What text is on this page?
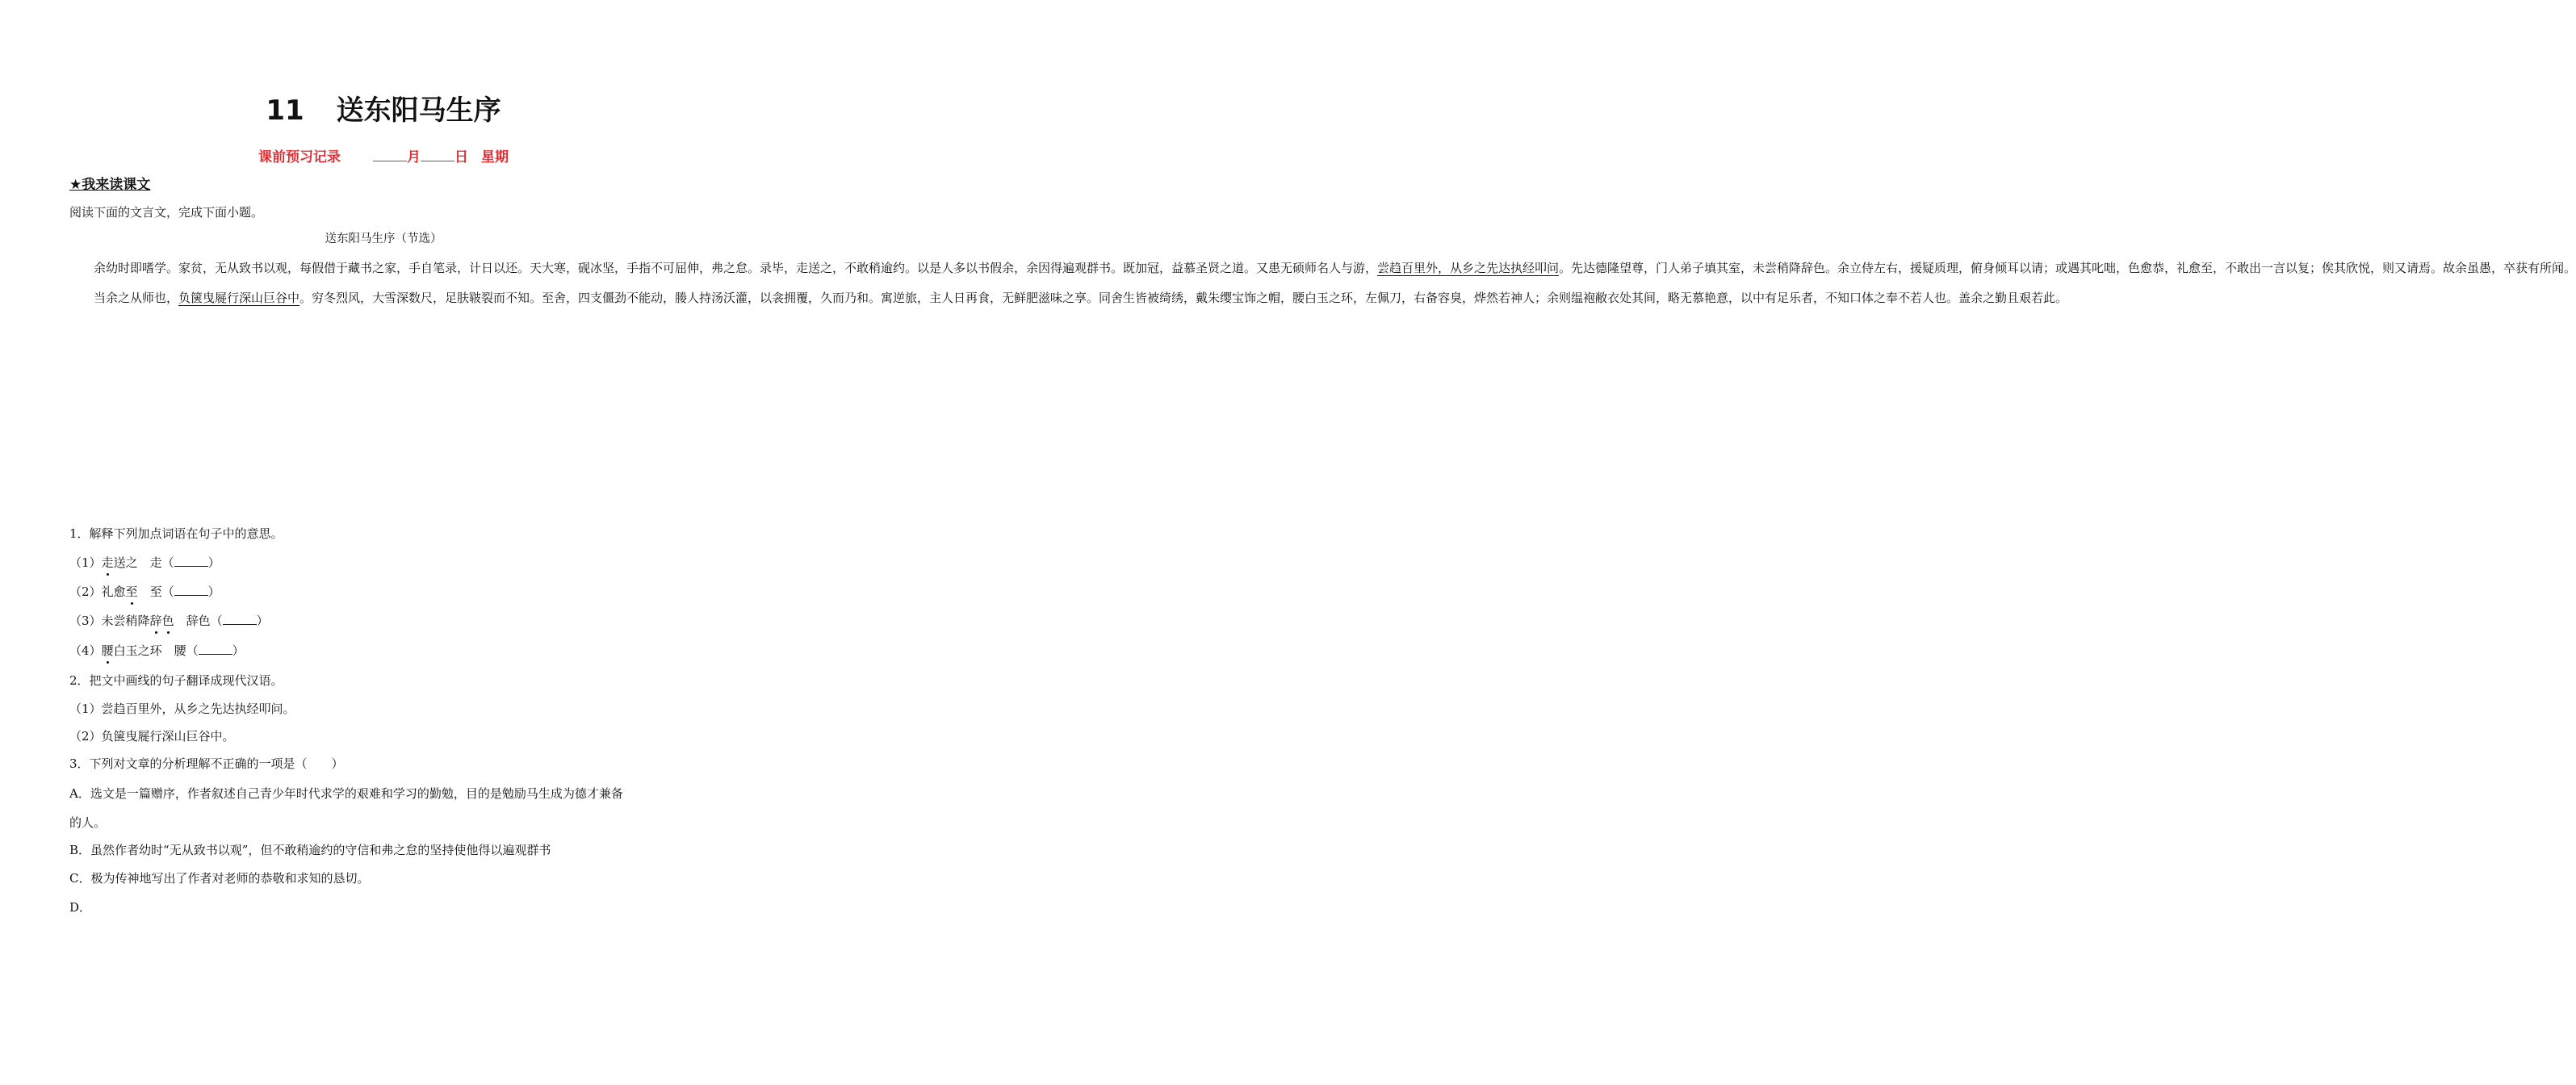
11 送东阳马生序
课前预习记录	月 日 星期
★我来读课文
阅读下面的文言文，完成下面小题。
送东阳马生序（节选）

余幼时即嗜学。家贫，无从致书以观，每假借于藏书之家，手自笔录，计日以还。天大寒，砚冰坚，手指不可屈伸，弗之怠。录毕，走送之，不敢稍逾约。以是人多以书假余，余因得遍观群书。既加冠，益慕圣贤之道。又患无硕师名人与游，尝趋百里外，从乡之先达执经叩问。先达德隆望尊，门人弟子填其室，未尝稍降辞色。余立侍左右，援疑质理，俯身倾耳以请；或遇其叱咄，色愈恭，礼愈至，不敢出一言以复；俟其欣悦，则又请焉。故余虽愚，卒获有所闻。

当余之从师也，负箧曳屣行深山巨谷中。穷冬烈风，大雪深数尺，足肤皲裂而不知。至舍，四支僵劲不能动，媵人持汤沃灌，以衾拥覆，久而乃和。寓逆旅，主人日再食，无鲜肥滋味之享。同舍生皆被绮绣，戴朱缨宝饰之帽，腰白玉之环，左佩刀，右备容臭，烨然若神人；余则缊袍敝衣处其间，略无慕艳意，以中有足乐者，不知口体之奉不若人也。盖余之勤且艰若此。

1．解释下列加点词语在句子中的意思。
（1）走送之　 走（	）
（2）礼愈至　 至（	）
（3）未尝稍降辞色　 辞色（	）
（4）腰白玉之环　 腰（	）
2．把文中画线的句子翻译成现代汉语。
（1）尝趋百里外，从乡之先达执经叩问。
（2）负箧曳屣行深山巨谷中。
3．下列对文章的分析理解不正确的一项是（　　）
A．选文是一篇赠序，作者叙述自己青少年时代求学的艰难和学习的勤勉，目的是勉励马生成为德才兼备
的人。
B．虽然作者幼时“无从致书以观”，但不敢稍逾约的守信和弗之怠的坚持使他得以遍观群书
C．极为传神地写出了作者对老师的恭敬和求知的恳切。
D．
